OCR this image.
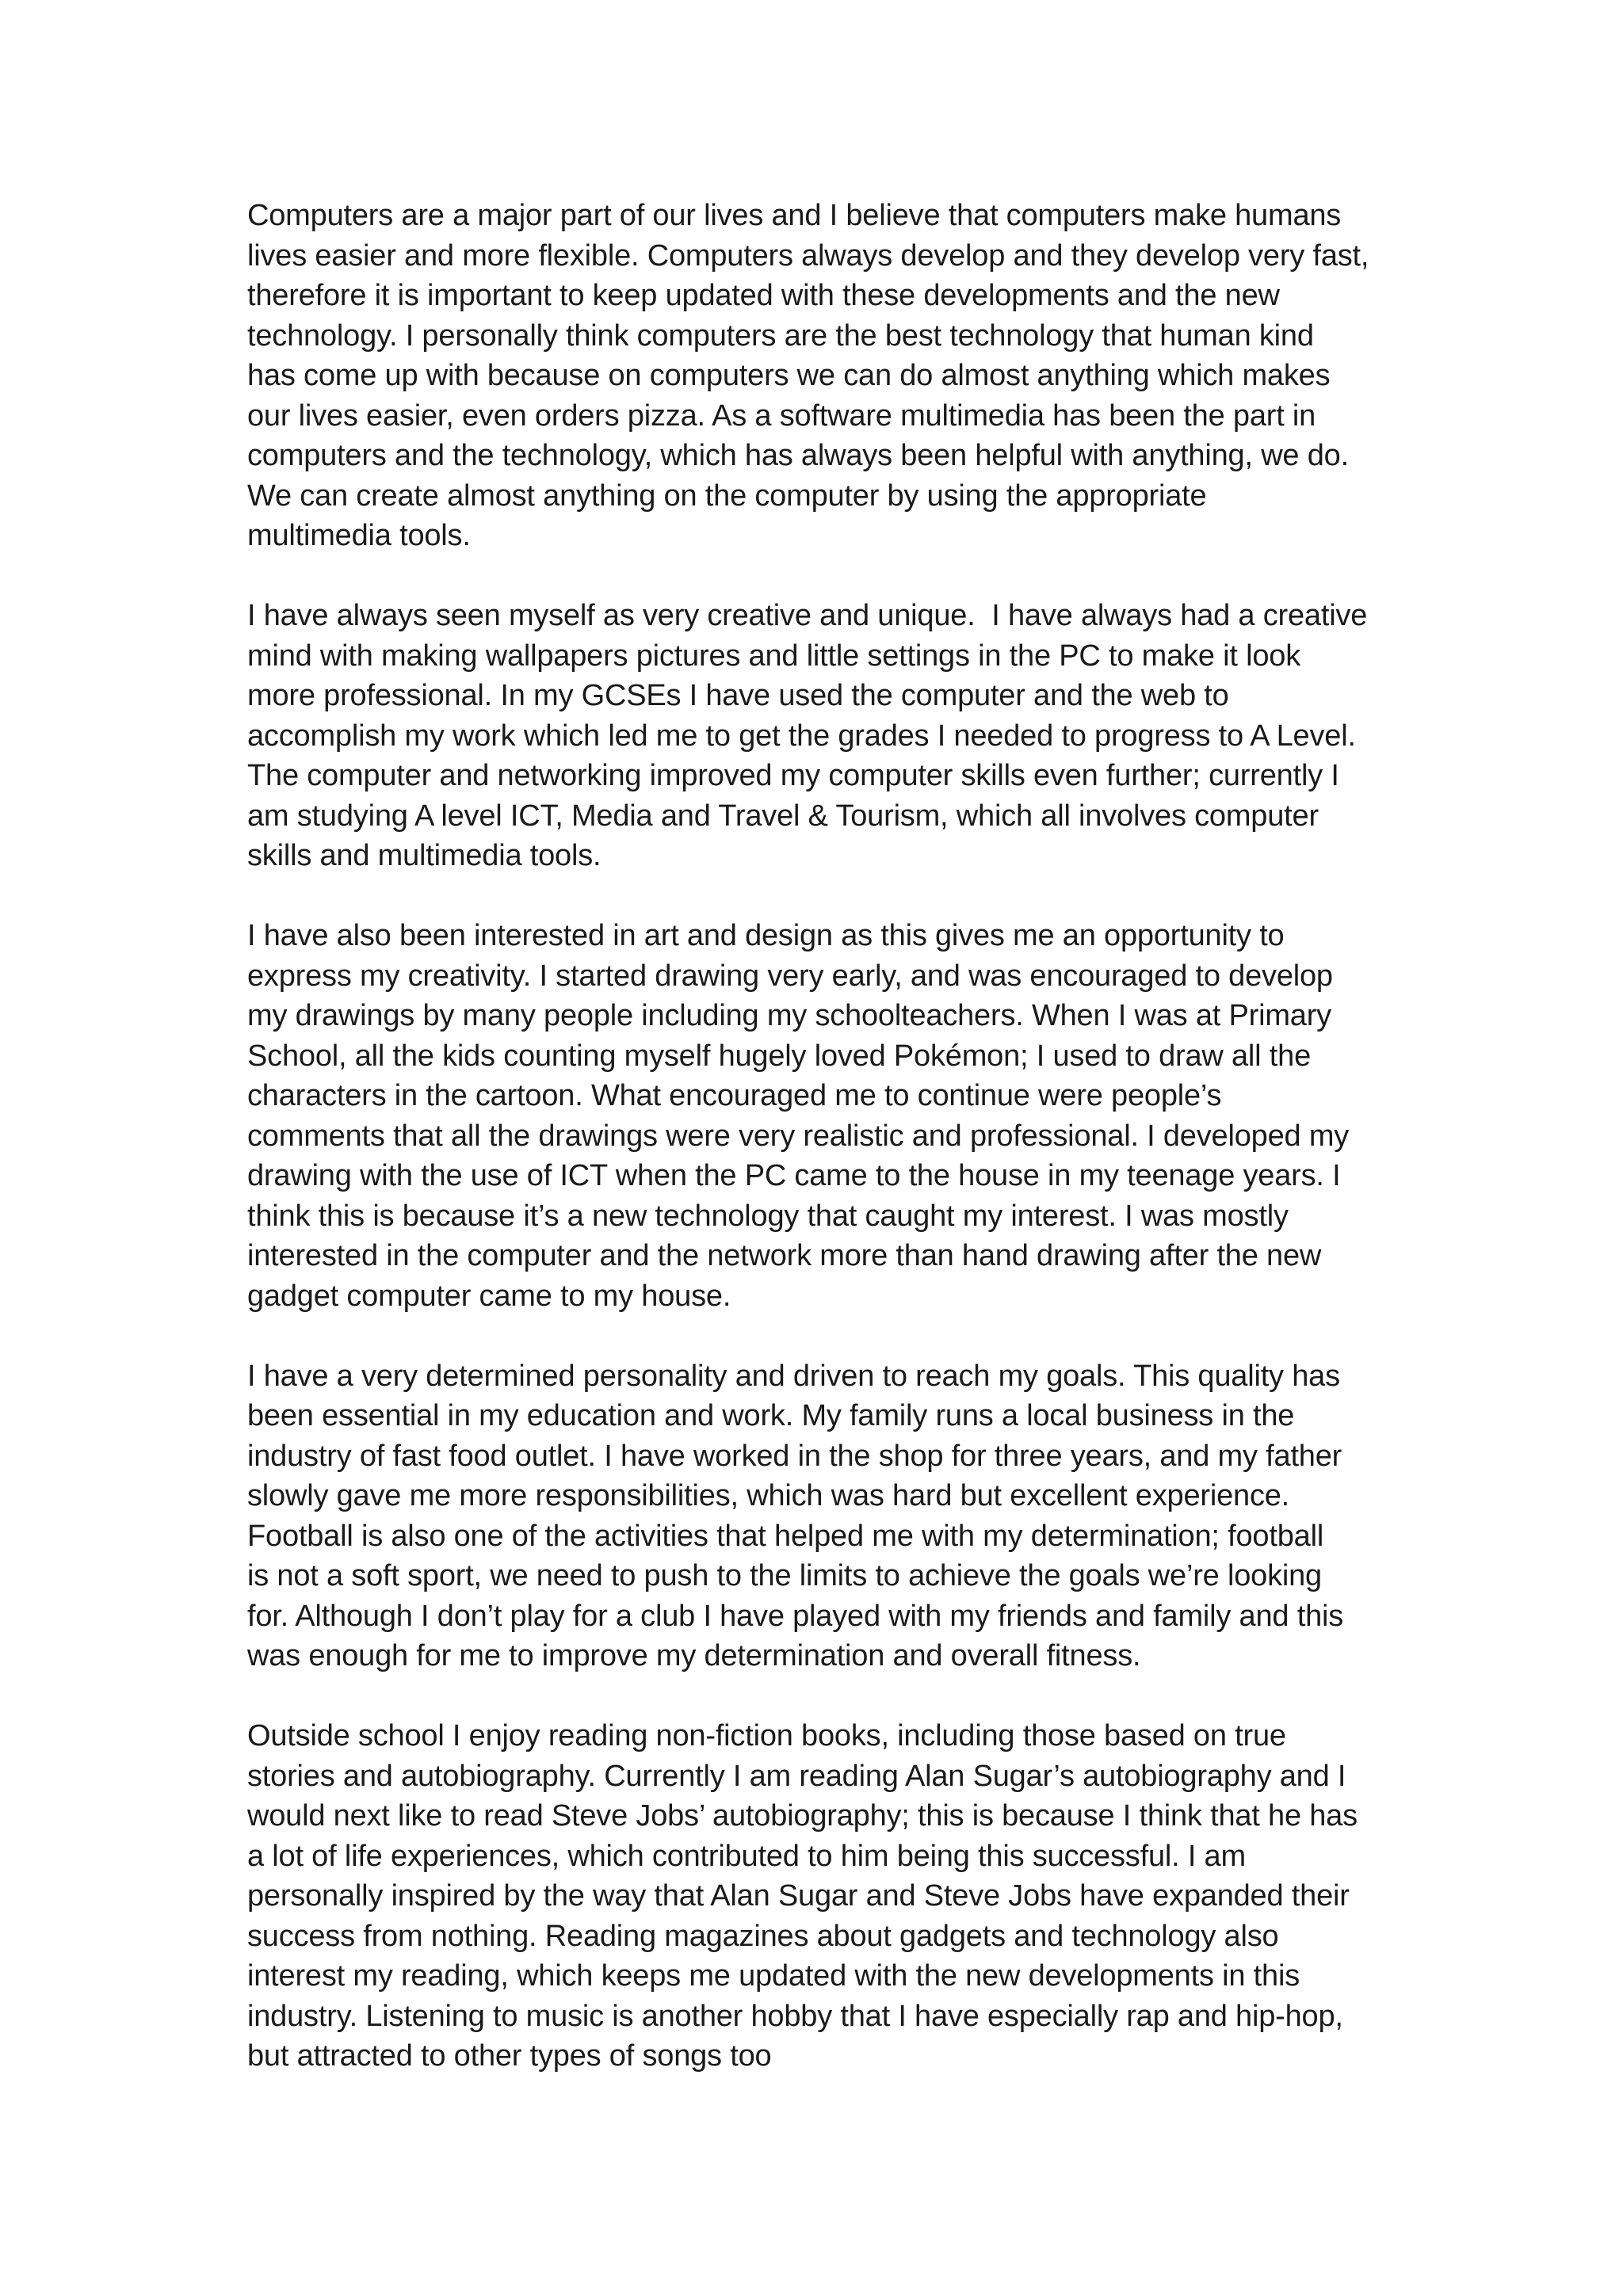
Computers are a major part of our lives and I believe that computers make humans
lives easier and more flexible. Computers always develop and they develop very fast,
therefore it is important to keep updated with these developments and the new
technology. I personally think computers are the best technology that human kind
has come up with because on computers we can do almost anything which makes
our lives easier, even orders pizza. As a software multimedia has been the part in
computers and the technology, which has always been helpful with anything, we do.
We can create almost anything on the computer by using the appropriate
multimedia tools.

I have always seen myself as very creative and unique.  I have always had a creative
mind with making wallpapers pictures and little settings in the PC to make it look
more professional. In my GCSEs I have used the computer and the web to
accomplish my work which led me to get the grades I needed to progress to A Level.
The computer and networking improved my computer skills even further; currently I
am studying A level ICT, Media and Travel & Tourism, which all involves computer
skills and multimedia tools.

I have also been interested in art and design as this gives me an opportunity to
express my creativity. I started drawing very early, and was encouraged to develop
my drawings by many people including my schoolteachers. When I was at Primary
School, all the kids counting myself hugely loved Pokémon; I used to draw all the
characters in the cartoon. What encouraged me to continue were people’s
comments that all the drawings were very realistic and professional. I developed my
drawing with the use of ICT when the PC came to the house in my teenage years. I
think this is because it’s a new technology that caught my interest. I was mostly
interested in the computer and the network more than hand drawing after the new
gadget computer came to my house.

I have a very determined personality and driven to reach my goals. This quality has
been essential in my education and work. My family runs a local business in the
industry of fast food outlet. I have worked in the shop for three years, and my father
slowly gave me more responsibilities, which was hard but excellent experience.
Football is also one of the activities that helped me with my determination; football
is not a soft sport, we need to push to the limits to achieve the goals we’re looking
for. Although I don’t play for a club I have played with my friends and family and this
was enough for me to improve my determination and overall fitness.

Outside school I enjoy reading non-fiction books, including those based on true
stories and autobiography. Currently I am reading Alan Sugar’s autobiography and I
would next like to read Steve Jobs’ autobiography; this is because I think that he has
a lot of life experiences, which contributed to him being this successful. I am
personally inspired by the way that Alan Sugar and Steve Jobs have expanded their
success from nothing. Reading magazines about gadgets and technology also
interest my reading, which keeps me updated with the new developments in this
industry. Listening to music is another hobby that I have especially rap and hip-hop,
but attracted to other types of songs too
